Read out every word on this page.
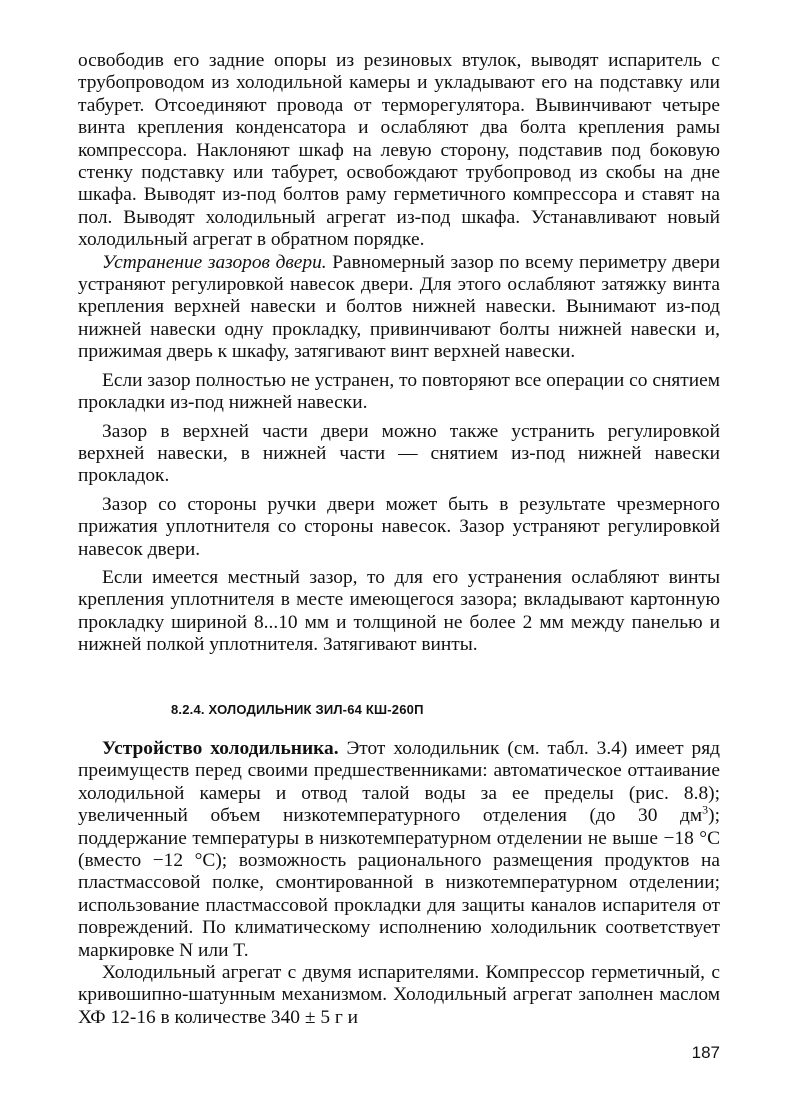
освободив его задние опоры из резиновых втулок, выводят испаритель с трубопроводом из холодильной камеры и укладывают его на подставку или табурет. Отсоединяют провода от терморегулятора. Вывинчивают четыре винта крепления конденсатора и ослабляют два болта крепления рамы компрессора. Наклоняют шкаф на левую сторону, подставив под боковую стенку подставку или табурет, освобождают трубопровод из скобы на дне шкафа. Выводят из-под болтов раму герметичного компрессора и ставят на пол. Выводят холодильный агрегат из-под шкафа. Устанавливают новый холодильный агрегат в обратном порядке.

Устранение зазоров двери. Равномерный зазор по всему периметру двери устраняют регулировкой навесок двери. Для этого ослабляют затяжку винта крепления верхней навески и болтов нижней навески. Вынимают из-под нижней навески одну прокладку, привинчивают болты нижней навески и, прижимая дверь к шкафу, затягивают винт верхней навески.

Если зазор полностью не устранен, то повторяют все операции со снятием прокладки из-под нижней навески.

Зазор в верхней части двери можно также устранить регулировкой верхней навески, в нижней части — снятием из-под нижней навески прокладок.

Зазор со стороны ручки двери может быть в результате чрезмерного прижатия уплотнителя со стороны навесок. Зазор устраняют регулировкой навесок двери.

Если имеется местный зазор, то для его устранения ослабляют винты крепления уплотнителя в месте имеющегося зазора; вкладывают картонную прокладку шириной 8...10 мм и толщиной не более 2 мм между панелью и нижней полкой уплотнителя. Затягивают винты.

8.2.4. ХОЛОДИЛЬНИК ЗИЛ-64 КШ-260П

Устройство холодильника. Этот холодильник (см. табл. 3.4) имеет ряд преимуществ перед своими предшественниками: автоматическое оттаивание холодильной камеры и отвод талой воды за ее пределы (рис. 8.8); увеличенный объем низкотемпературного отделения (до 30 $дм^3$); поддержание температуры в низкотемпературном отделении не выше −18 °С (вместо −12 °С); возможность рационального размещения продуктов на пластмассовой полке, смонтированной в низкотемпературном отделении; использование пластмассовой прокладки для защиты каналов испарителя от повреждений. По климатическому исполнению холодильник соответствует маркировке N или T.

Холодильный агрегат с двумя испарителями. Компрессор герметичный, с кривошипно-шатунным механизмом. Холодильный агрегат заполнен маслом ХФ 12-16 в количестве 340 ± 5 г и

187
